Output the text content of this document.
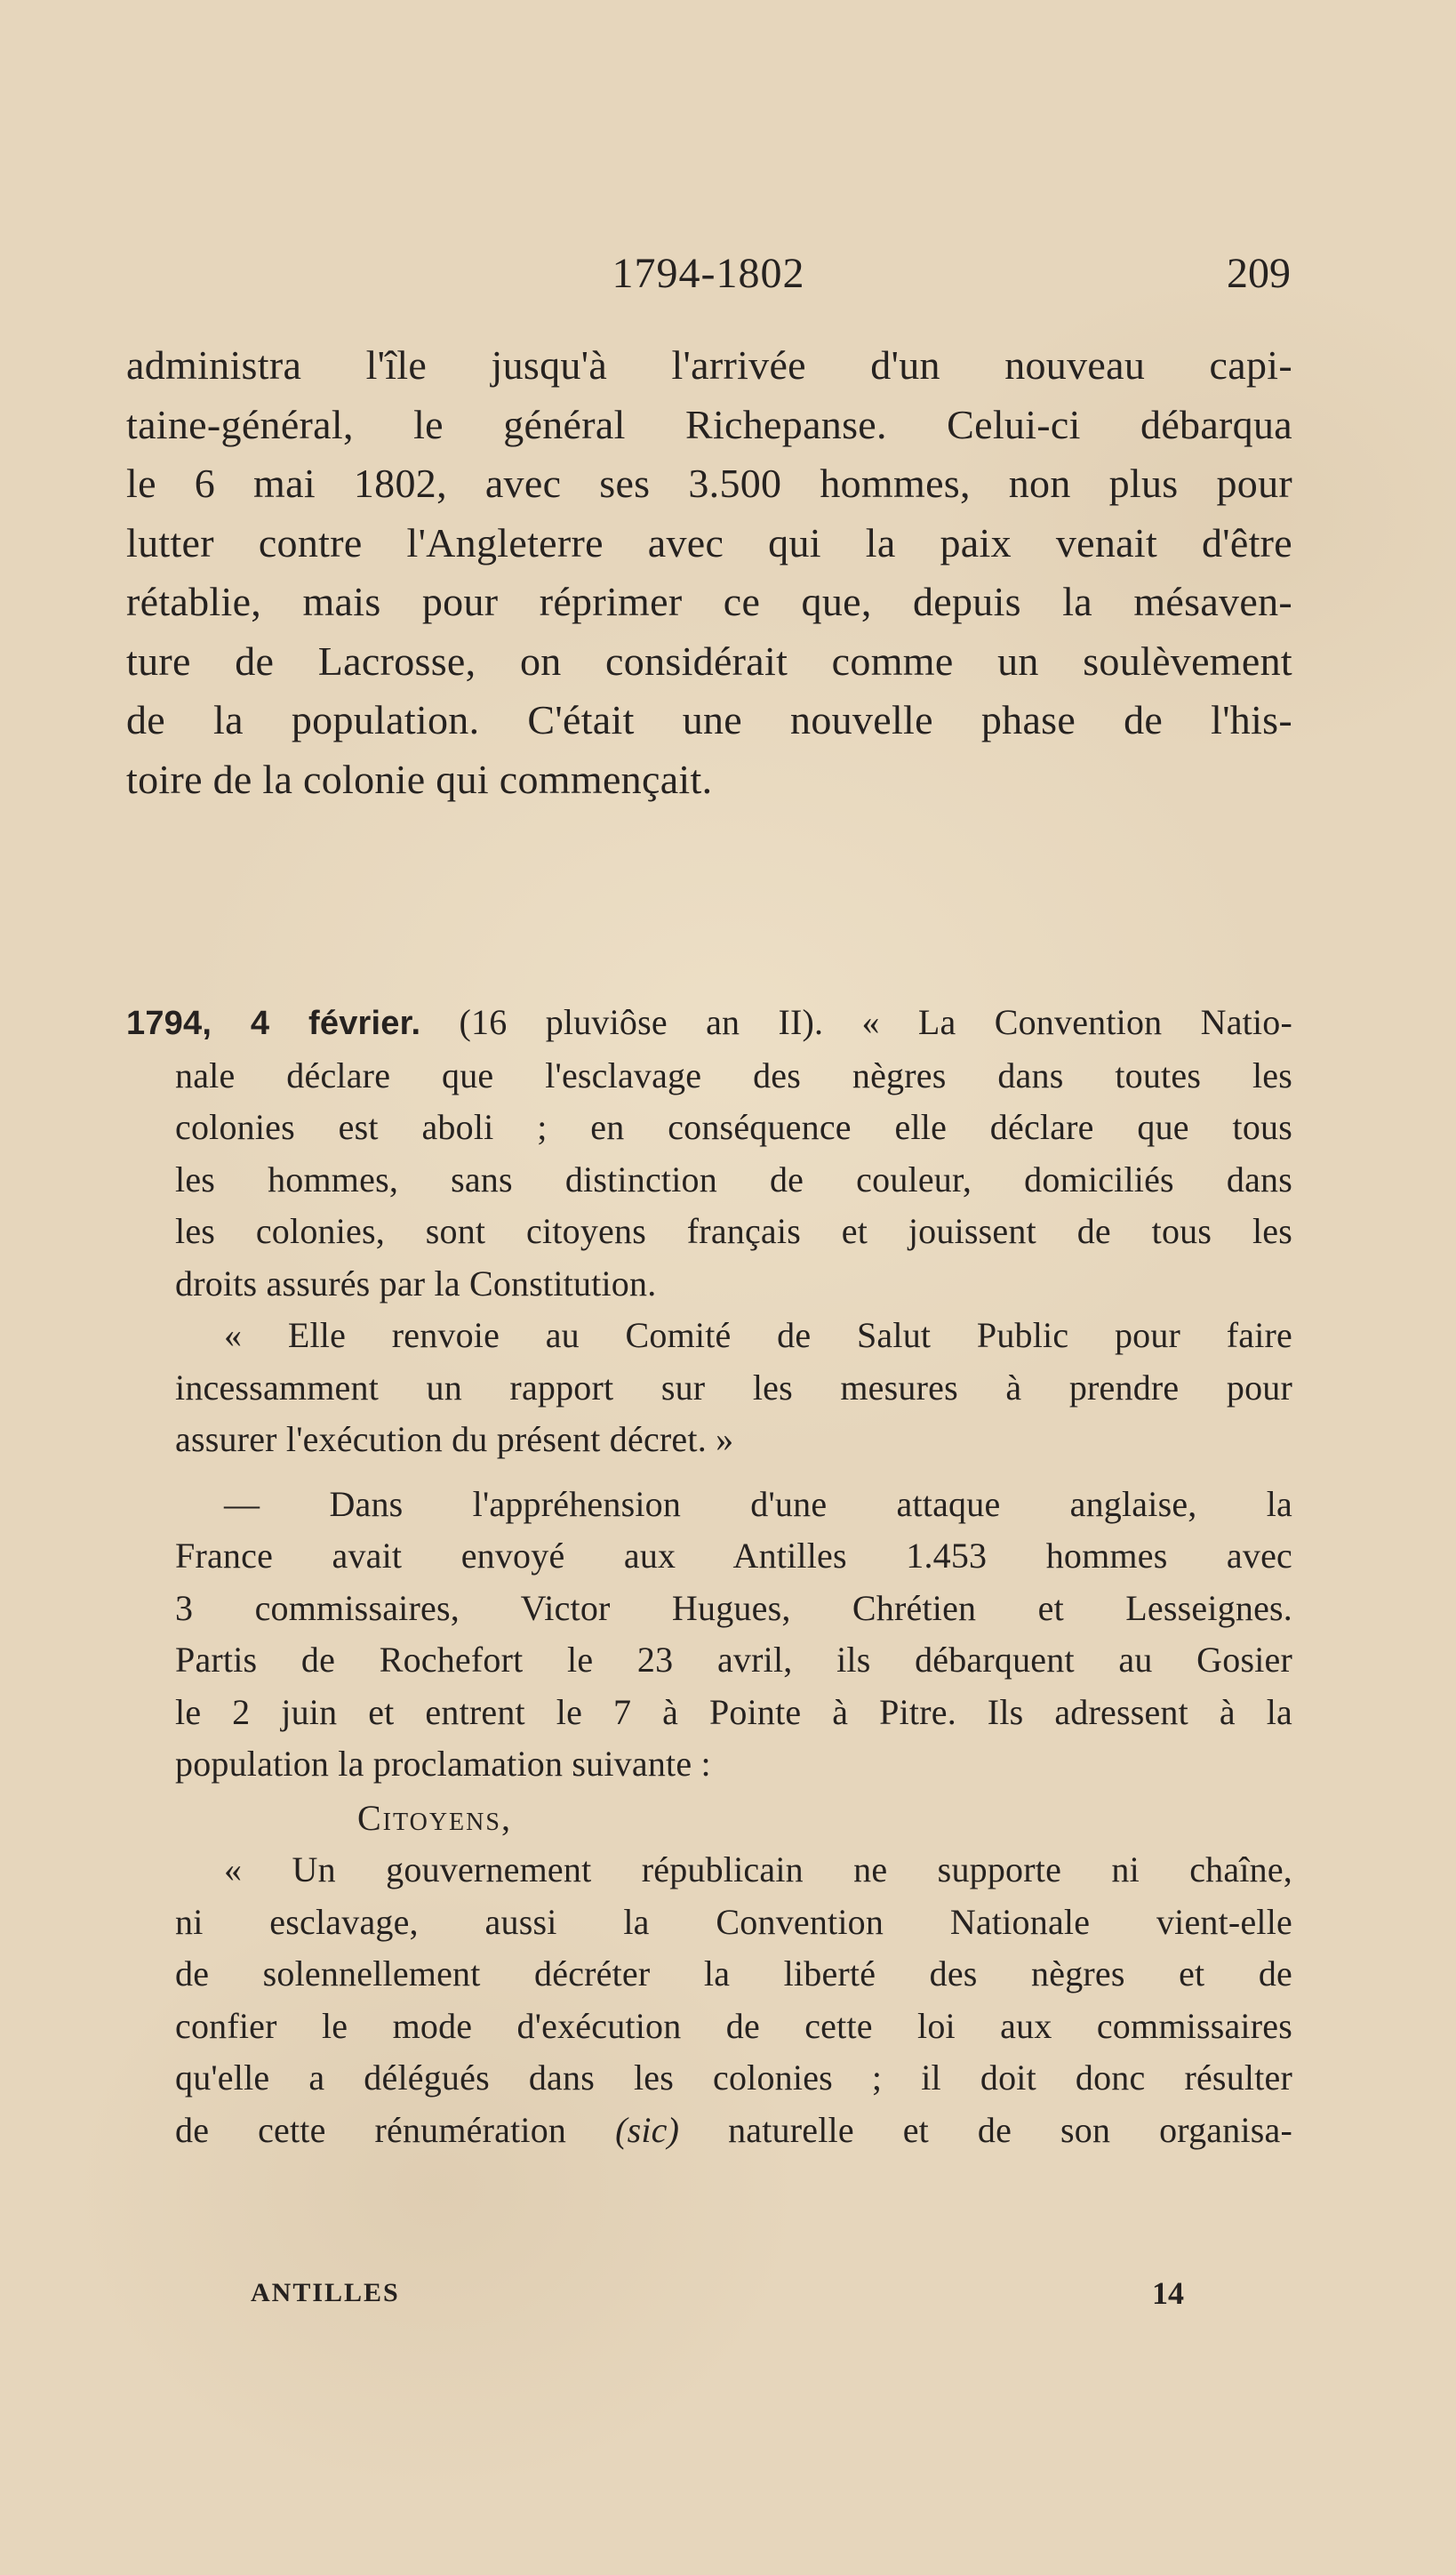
1794-1802	209
administra l'île jusqu'à l'arrivée d'un nouveau capi-
taine-général, le général Richepanse. Celui-ci débarqua
le 6 mai 1802, avec ses 3.500 hommes, non plus pour
lutter contre l'Angleterre avec qui la paix venait d'être
rétablie, mais pour réprimer ce que, depuis la mésaven-
ture de Lacrosse, on considérait comme un soulèvement
de la population. C'était une nouvelle phase de l'his-
toire de la colonie qui commençait.
1794, 4 février. (16 pluviôse an II). « La Convention Natio-
nale déclare que l'esclavage des nègres dans toutes les
colonies est aboli ; en conséquence elle déclare que tous
les hommes, sans distinction de couleur, domiciliés dans
les colonies, sont citoyens français et jouissent de tous les
droits assurés par la Constitution.
« Elle renvoie au Comité de Salut Public pour faire
incessamment un rapport sur les mesures à prendre pour
assurer l'exécution du présent décret. »
— Dans l'appréhension d'une attaque anglaise, la
France avait envoyé aux Antilles 1.453 hommes avec
3 commissaires, Victor Hugues, Chrétien et Lesseignes.
Partis de Rochefort le 23 avril, ils débarquent au Gosier
le 2 juin et entrent le 7 à Pointe à Pitre. Ils adressent à la
population la proclamation suivante :
Citoyens,
« Un gouvernement républicain ne supporte ni chaîne,
ni esclavage, aussi la Convention Nationale vient-elle
de solennellement décréter la liberté des nègres et de
confier le mode d'exécution de cette loi aux commissaires
qu'elle a délégués dans les colonies ; il doit donc résulter
de cette rénumération (sic) naturelle et de son organisa-
ANTILLES	14
